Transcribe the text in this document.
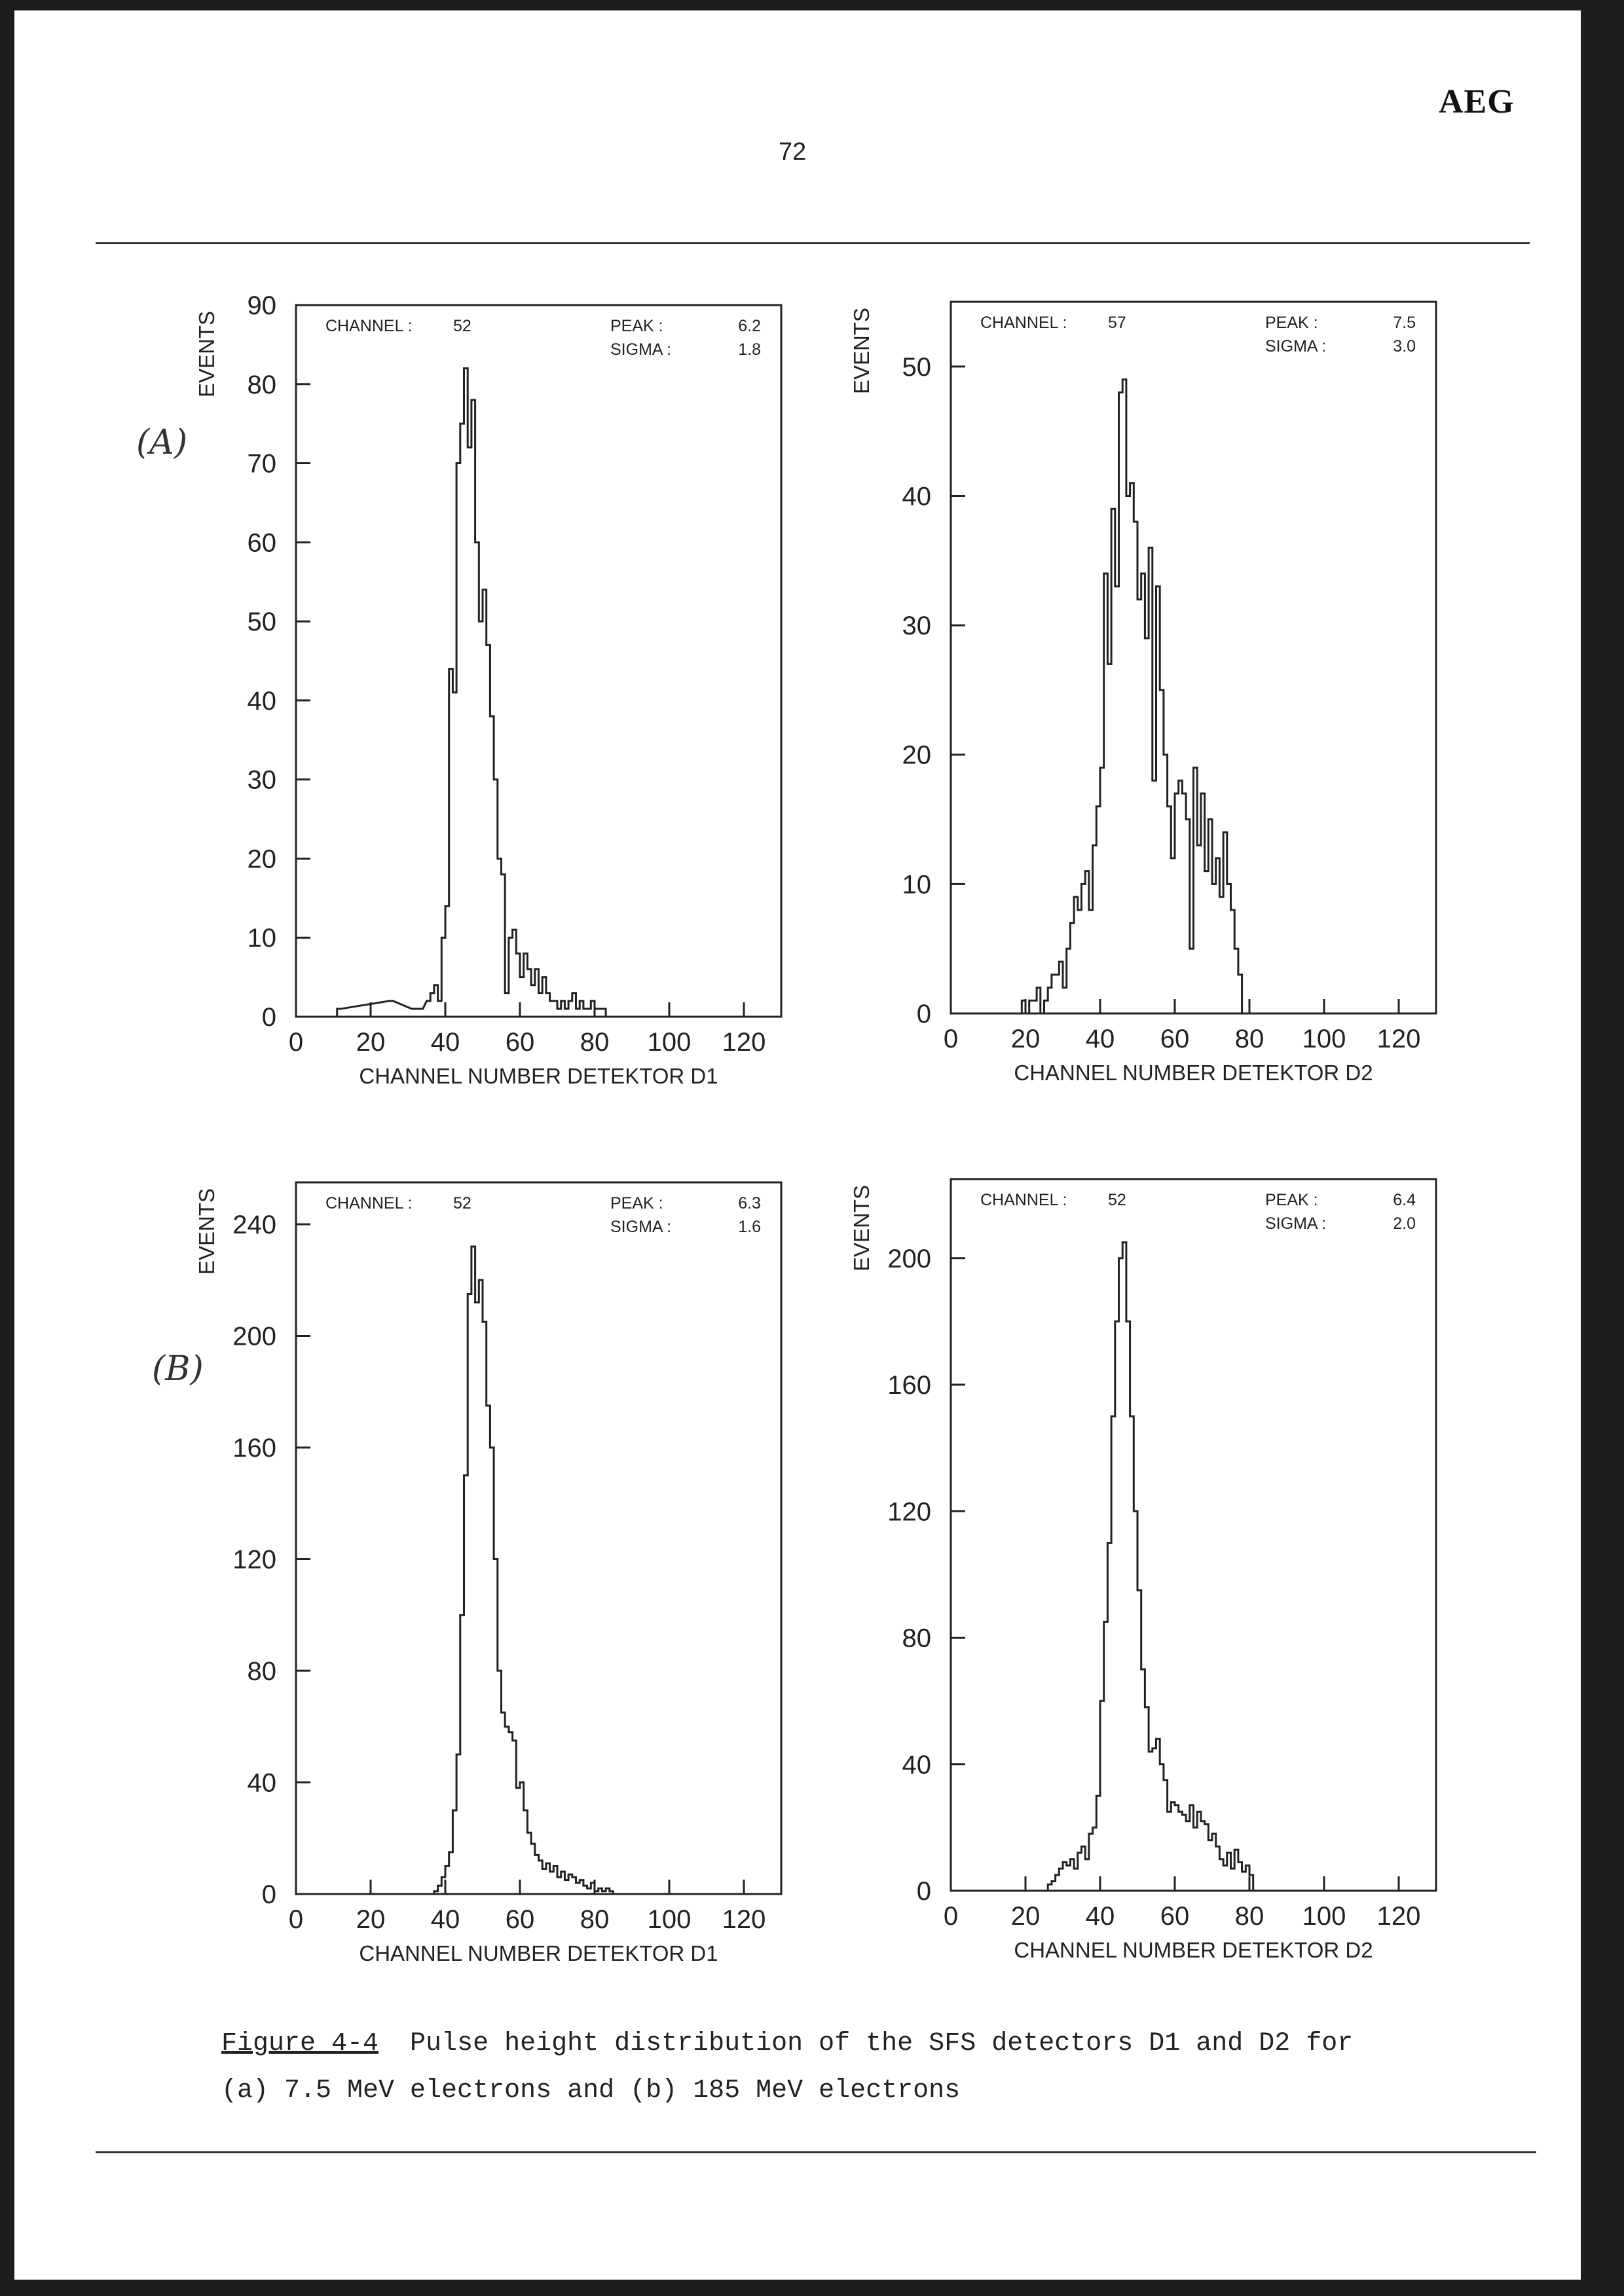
AEG
72
(A)
(B)
0
10
20
30
40
50
60
70
80
90
0 20 40 60 80 100 120
CHANNEL NUMBER DETEKTOR D1
EVENTS	CHANNEL :	52	PEAK :	6.2
SIGMA :	1.8
0
10
20
30
40
50
0 20 40 60 80 100 120
CHANNEL NUMBER DETEKTOR D2
EVENTS	CHANNEL :	57	PEAK :	7.5
SIGMA :	3.0
0
40
80
120
160
200
240
0 20 40 60 80 100 120
CHANNEL NUMBER DETEKTOR D1
EVENTS	CHANNEL :	52	PEAK :	6.3
SIGMA :	1.6
0
40
80
120
160
200
0 20 40 60 80 100 120
CHANNEL NUMBER DETEKTOR D2
EVENTS	CHANNEL :	52	PEAK :	6.4
SIGMA :	2.0
Figure 4-4  Pulse height distribution of the SFS detectors D1 and D2 for
(a) 7.5 MeV electrons and (b) 185 MeV electrons
